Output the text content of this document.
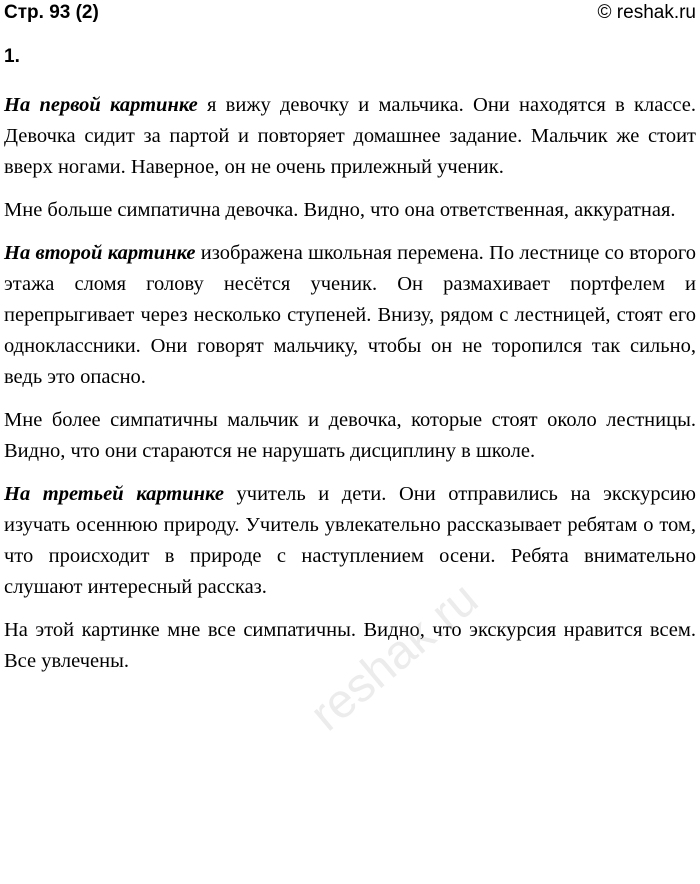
Стр. 93 (2)	© reshak.ru
1.

На первой картинке я вижу девочку и мальчика. Они находятся в классе. Девочка сидит за партой и повторяет домашнее задание. Мальчик же стоит вверх ногами. Наверное, он не очень прилежный ученик.

Мне больше симпатична девочка. Видно, что она ответственная, аккуратная.

На второй картинке изображена школьная перемена. По лестнице со второго этажа сломя голову несётся ученик. Он размахивает портфелем и перепрыгивает через несколько ступеней. Внизу, рядом с лестницей, стоят его одноклассники. Они говорят мальчику, чтобы он не торопился так сильно, ведь это опасно.

Мне более симпатичны мальчик и девочка, которые стоят около лестницы. Видно, что они стараются не нарушать дисциплину в школе.

На третьей картинке учитель и дети. Они отправились на экскурсию изучать осеннюю природу. Учитель увлекательно рассказывает ребятам о том, что происходит в природе с наступлением осени. Ребята внимательно слушают интересный рассказ.

На этой картинке мне все симпатичны. Видно, что экскурсия нравится всем. Все увлечены.	reshak.ru
